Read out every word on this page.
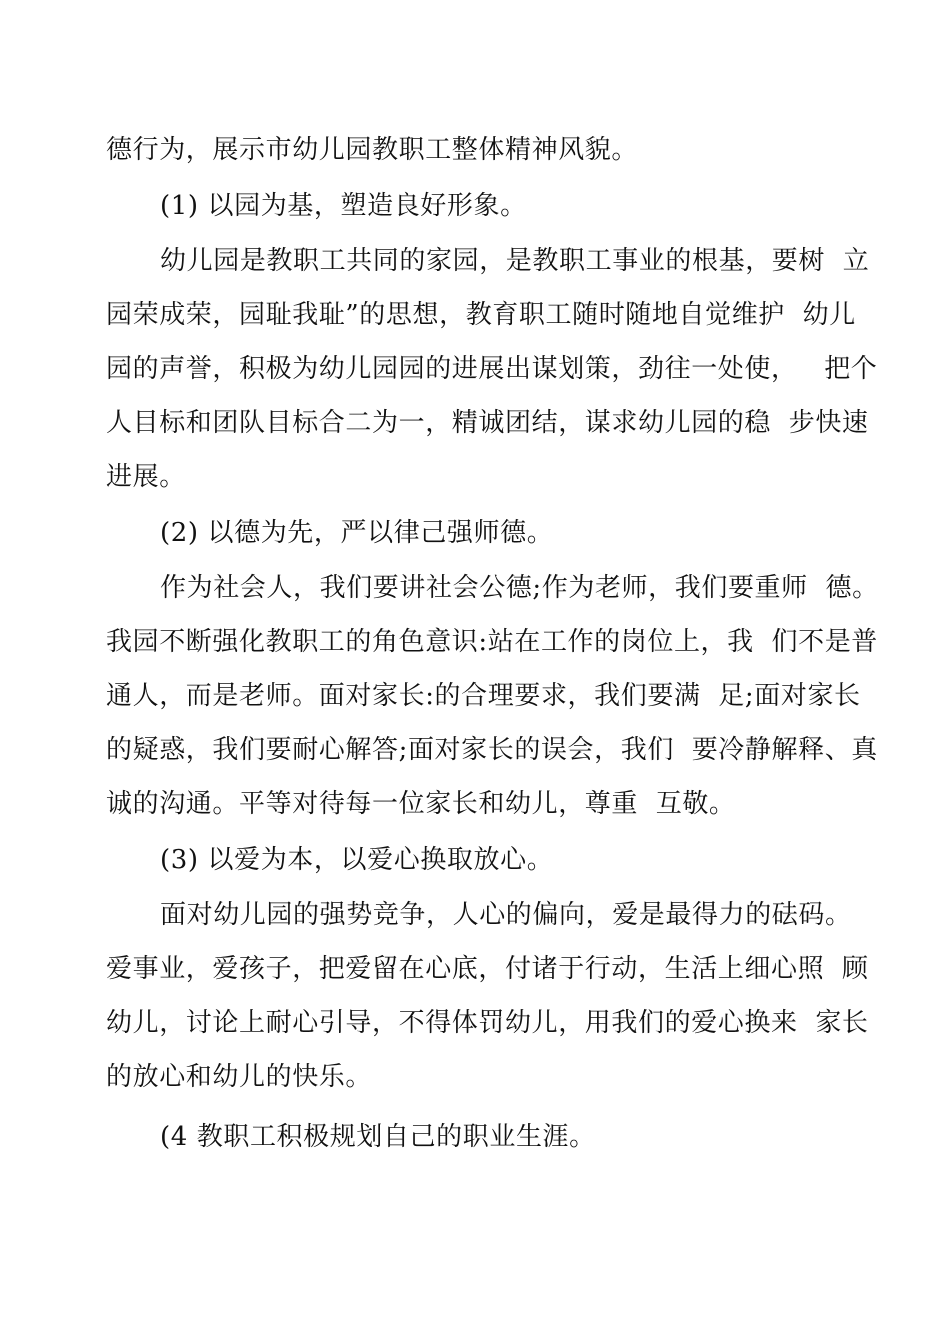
德行为，展示市幼儿园教职工整体精神风貌。
(1) 以园为基，塑造良好形象。
幼儿园是教职工共同的家园，是教职工事业的根基，要树  立
园荣成荣，园耻我耻”的思想，教育职工随时随地自觉维护  幼儿
园的声誉，积极为幼儿园园的进展出谋划策，劲往一处使，   把个
人目标和团队目标合二为一，精诚团结，谋求幼儿园的稳  步快速
进展。
(2) 以德为先，严以律己强师德。
作为社会人，我们要讲社会公德;作为老师，我们要重师  德。
我园不断强化教职工的角色意识:站在工作的岗位上，我  们不是普
通人，而是老师。面对家长:的合理要求，我们要满  足;面对家长
的疑惑，我们要耐心解答;面对家长的误会，我们  要冷静解释、真
诚的沟通。平等对待每一位家长和幼儿，尊重  互敬。
(3) 以爱为本，以爱心换取放心。
面对幼儿园的强势竞争，人心的偏向，爱是最得力的砝码。
爱事业，爱孩子，把爱留在心底，付诸于行动，生活上细心照  顾
幼儿，讨论上耐心引导，不得体罚幼儿，用我们的爱心换来  家长
的放心和幼儿的快乐。
(4 教职工积极规划自己的职业生涯。
